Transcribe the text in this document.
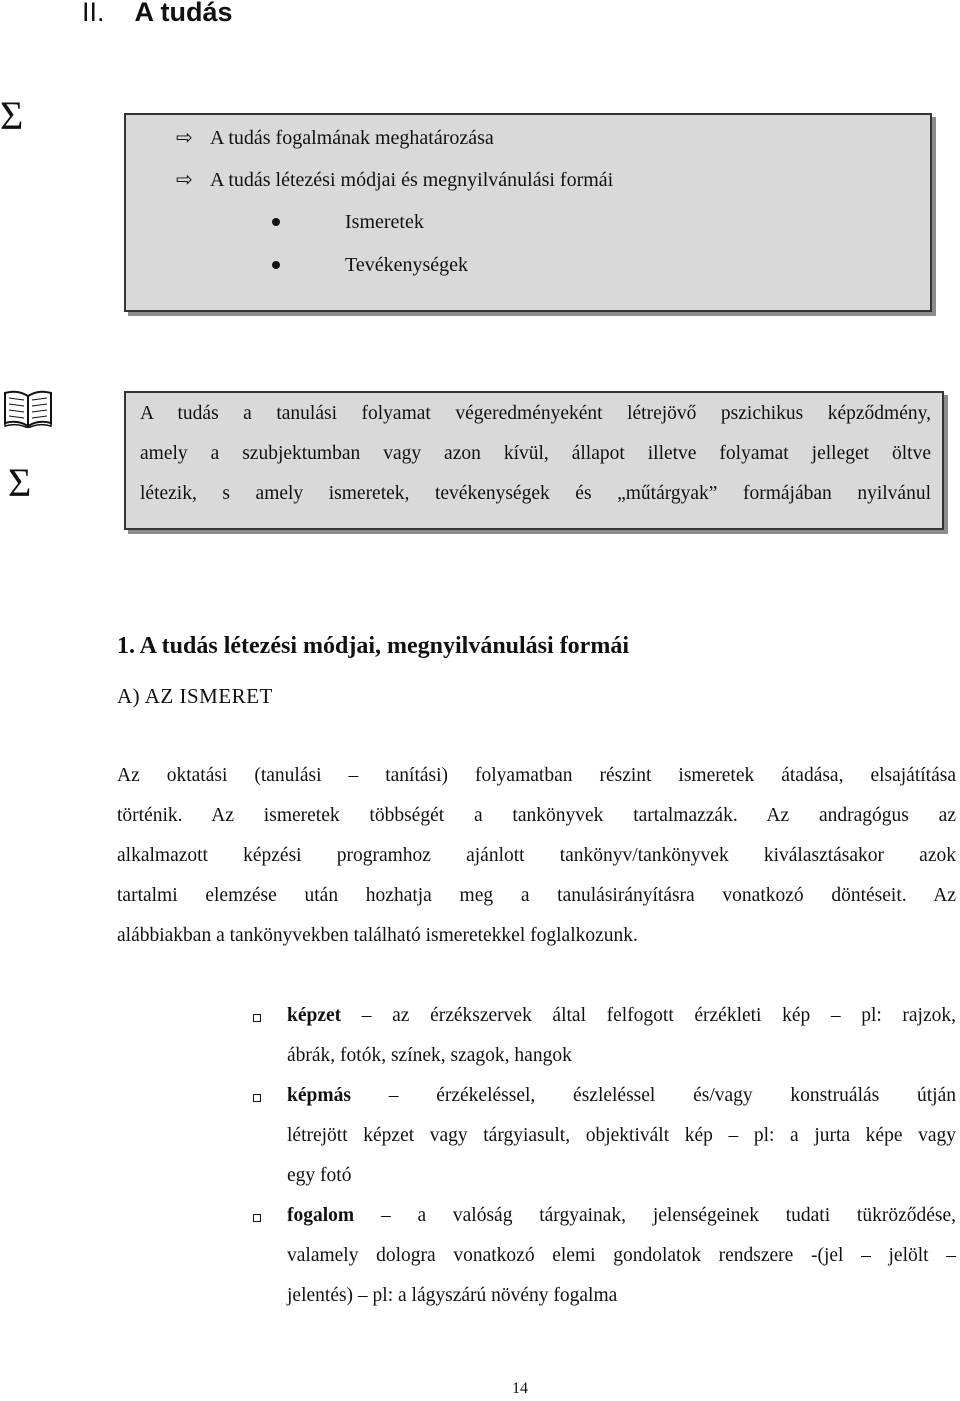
II. A tudás
Σ	⇨ A tudás fogalmának meghatározása
⇨ A tudás létezési módjai és megnyilvánulási formái
Ismeretek
Tevékenységek
Σ
A tudás a tanulási folyamat végeredményeként létrejövő pszichikus képződmény,
amely a szubjektumban vagy azon kívül, állapot illetve folyamat jelleget öltve
létezik, s amely ismeretek, tevékenységek és „műtárgyak” formájában nyilvánul
1. A tudás létezési módjai, megnyilvánulási formái
A) AZ ISMERET
Az oktatási (tanulási – tanítási) folyamatban részint ismeretek átadása, elsajátítása
történik. Az ismeretek többségét a tankönyvek tartalmazzák. Az andragógus az
alkalmazott képzési programhoz ajánlott tankönyv/tankönyvek kiválasztásakor azok
tartalmi elemzése után hozhatja meg a tanulásirányításra vonatkozó döntéseit. Az
alábbiakban a tankönyvekben található ismeretekkel foglalkozunk.
képzet – az érzékszervek által felfogott érzékleti kép – pl: rajzok,
ábrák, fotók, színek, szagok, hangok
képmás – érzékeléssel, észleléssel és/vagy konstruálás útján
létrejött képzet vagy tárgyiasult, objektivált kép – pl: a jurta képe vagy
egy fotó
fogalom – a valóság tárgyainak, jelenségeinek tudati tükröződése,
valamely dologra vonatkozó elemi gondolatok rendszere -(jel – jelölt –
jelentés) – pl: a lágyszárú növény fogalma
14
